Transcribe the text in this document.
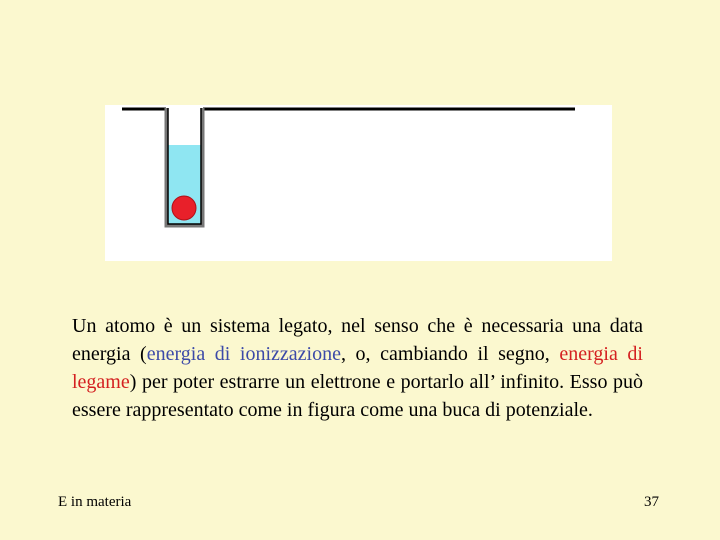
Un atomo è un sistema legato, nel senso che è necessaria una data energia (energia di ionizzazione, o, cambiando il segno, energia di legame) per poter estrarre un elettrone e portarlo all’ infinito. Esso può essere rappresentato come in figura come una buca di potenziale.
E in materia	37
